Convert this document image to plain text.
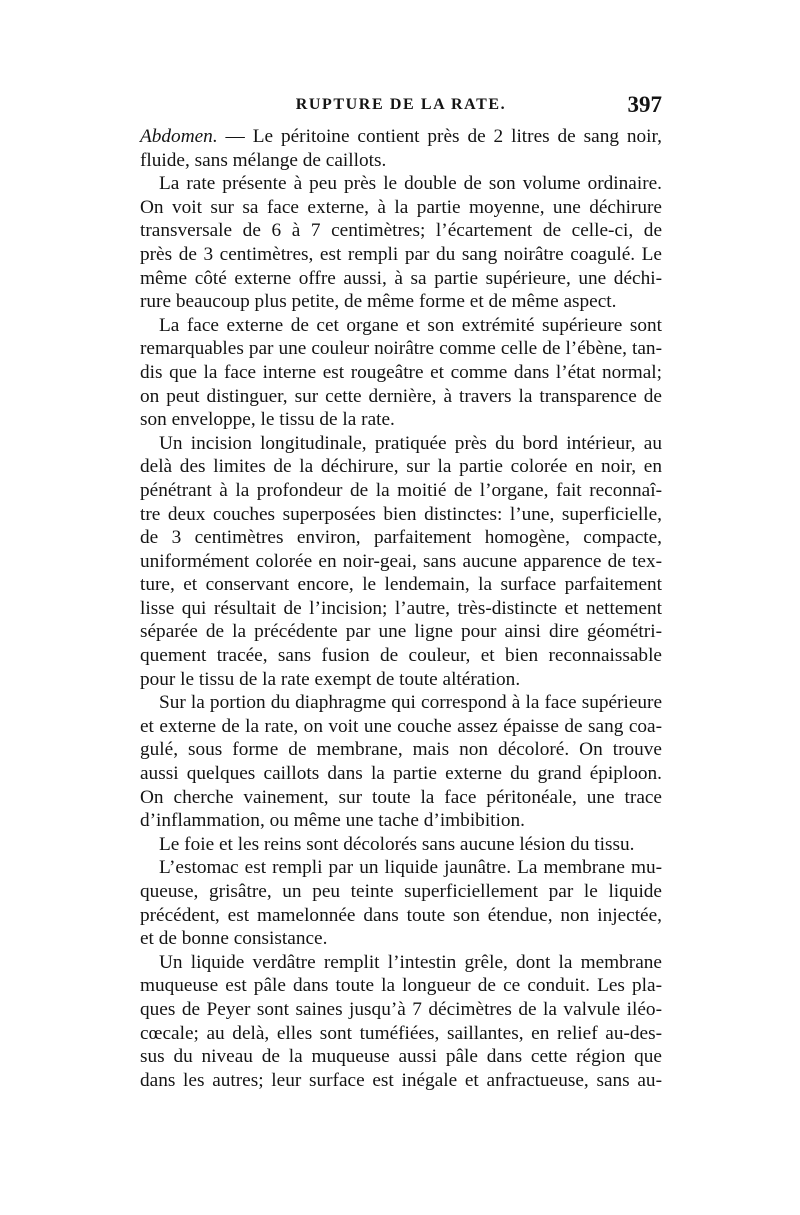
RUPTURE DE LA RATE.	397
Abdomen. — Le péritoine contient près de 2 litres de sang noir,
fluide, sans mélange de caillots.
La rate présente à peu près le double de son volume ordinaire.
On voit sur sa face externe, à la partie moyenne, une déchirure
transversale de 6 à 7 centimètres; l’écartement de celle-ci, de
près de 3 centimètres, est rempli par du sang noirâtre coagulé. Le
même côté externe offre aussi, à sa partie supérieure, une déchi-
rure beaucoup plus petite, de même forme et de même aspect.
La face externe de cet organe et son extrémité supérieure sont
remarquables par une couleur noirâtre comme celle de l’ébène, tan-
dis que la face interne est rougeâtre et comme dans l’état normal;
on peut distinguer, sur cette dernière, à travers la transparence de
son enveloppe, le tissu de la rate.
Un incision longitudinale, pratiquée près du bord intérieur, au
delà des limites de la déchirure, sur la partie colorée en noir, en
pénétrant à la profondeur de la moitié de l’organe, fait reconnaî-
tre deux couches superposées bien distinctes: l’une, superficielle,
de 3 centimètres environ, parfaitement homogène, compacte,
uniformément colorée en noir-geai, sans aucune apparence de tex-
ture, et conservant encore, le lendemain, la surface parfaitement
lisse qui résultait de l’incision; l’autre, très-distincte et nettement
séparée de la précédente par une ligne pour ainsi dire géométri-
quement tracée, sans fusion de couleur, et bien reconnaissable
pour le tissu de la rate exempt de toute altération.
Sur la portion du diaphragme qui correspond à la face supérieure
et externe de la rate, on voit une couche assez épaisse de sang coa-
gulé, sous forme de membrane, mais non décoloré. On trouve
aussi quelques caillots dans la partie externe du grand épiploon.
On cherche vainement, sur toute la face péritonéale, une trace
d’inflammation, ou même une tache d’imbibition.
Le foie et les reins sont décolorés sans aucune lésion du tissu.
L’estomac est rempli par un liquide jaunâtre. La membrane mu-
queuse, grisâtre, un peu teinte superficiellement par le liquide
précédent, est mamelonnée dans toute son étendue, non injectée,
et de bonne consistance.
Un liquide verdâtre remplit l’intestin grêle, dont la membrane
muqueuse est pâle dans toute la longueur de ce conduit. Les pla-
ques de Peyer sont saines jusqu’à 7 décimètres de la valvule iléo-
cœcale; au delà, elles sont tuméfiées, saillantes, en relief au-des-
sus du niveau de la muqueuse aussi pâle dans cette région que
dans les autres; leur surface est inégale et anfractueuse, sans au-
